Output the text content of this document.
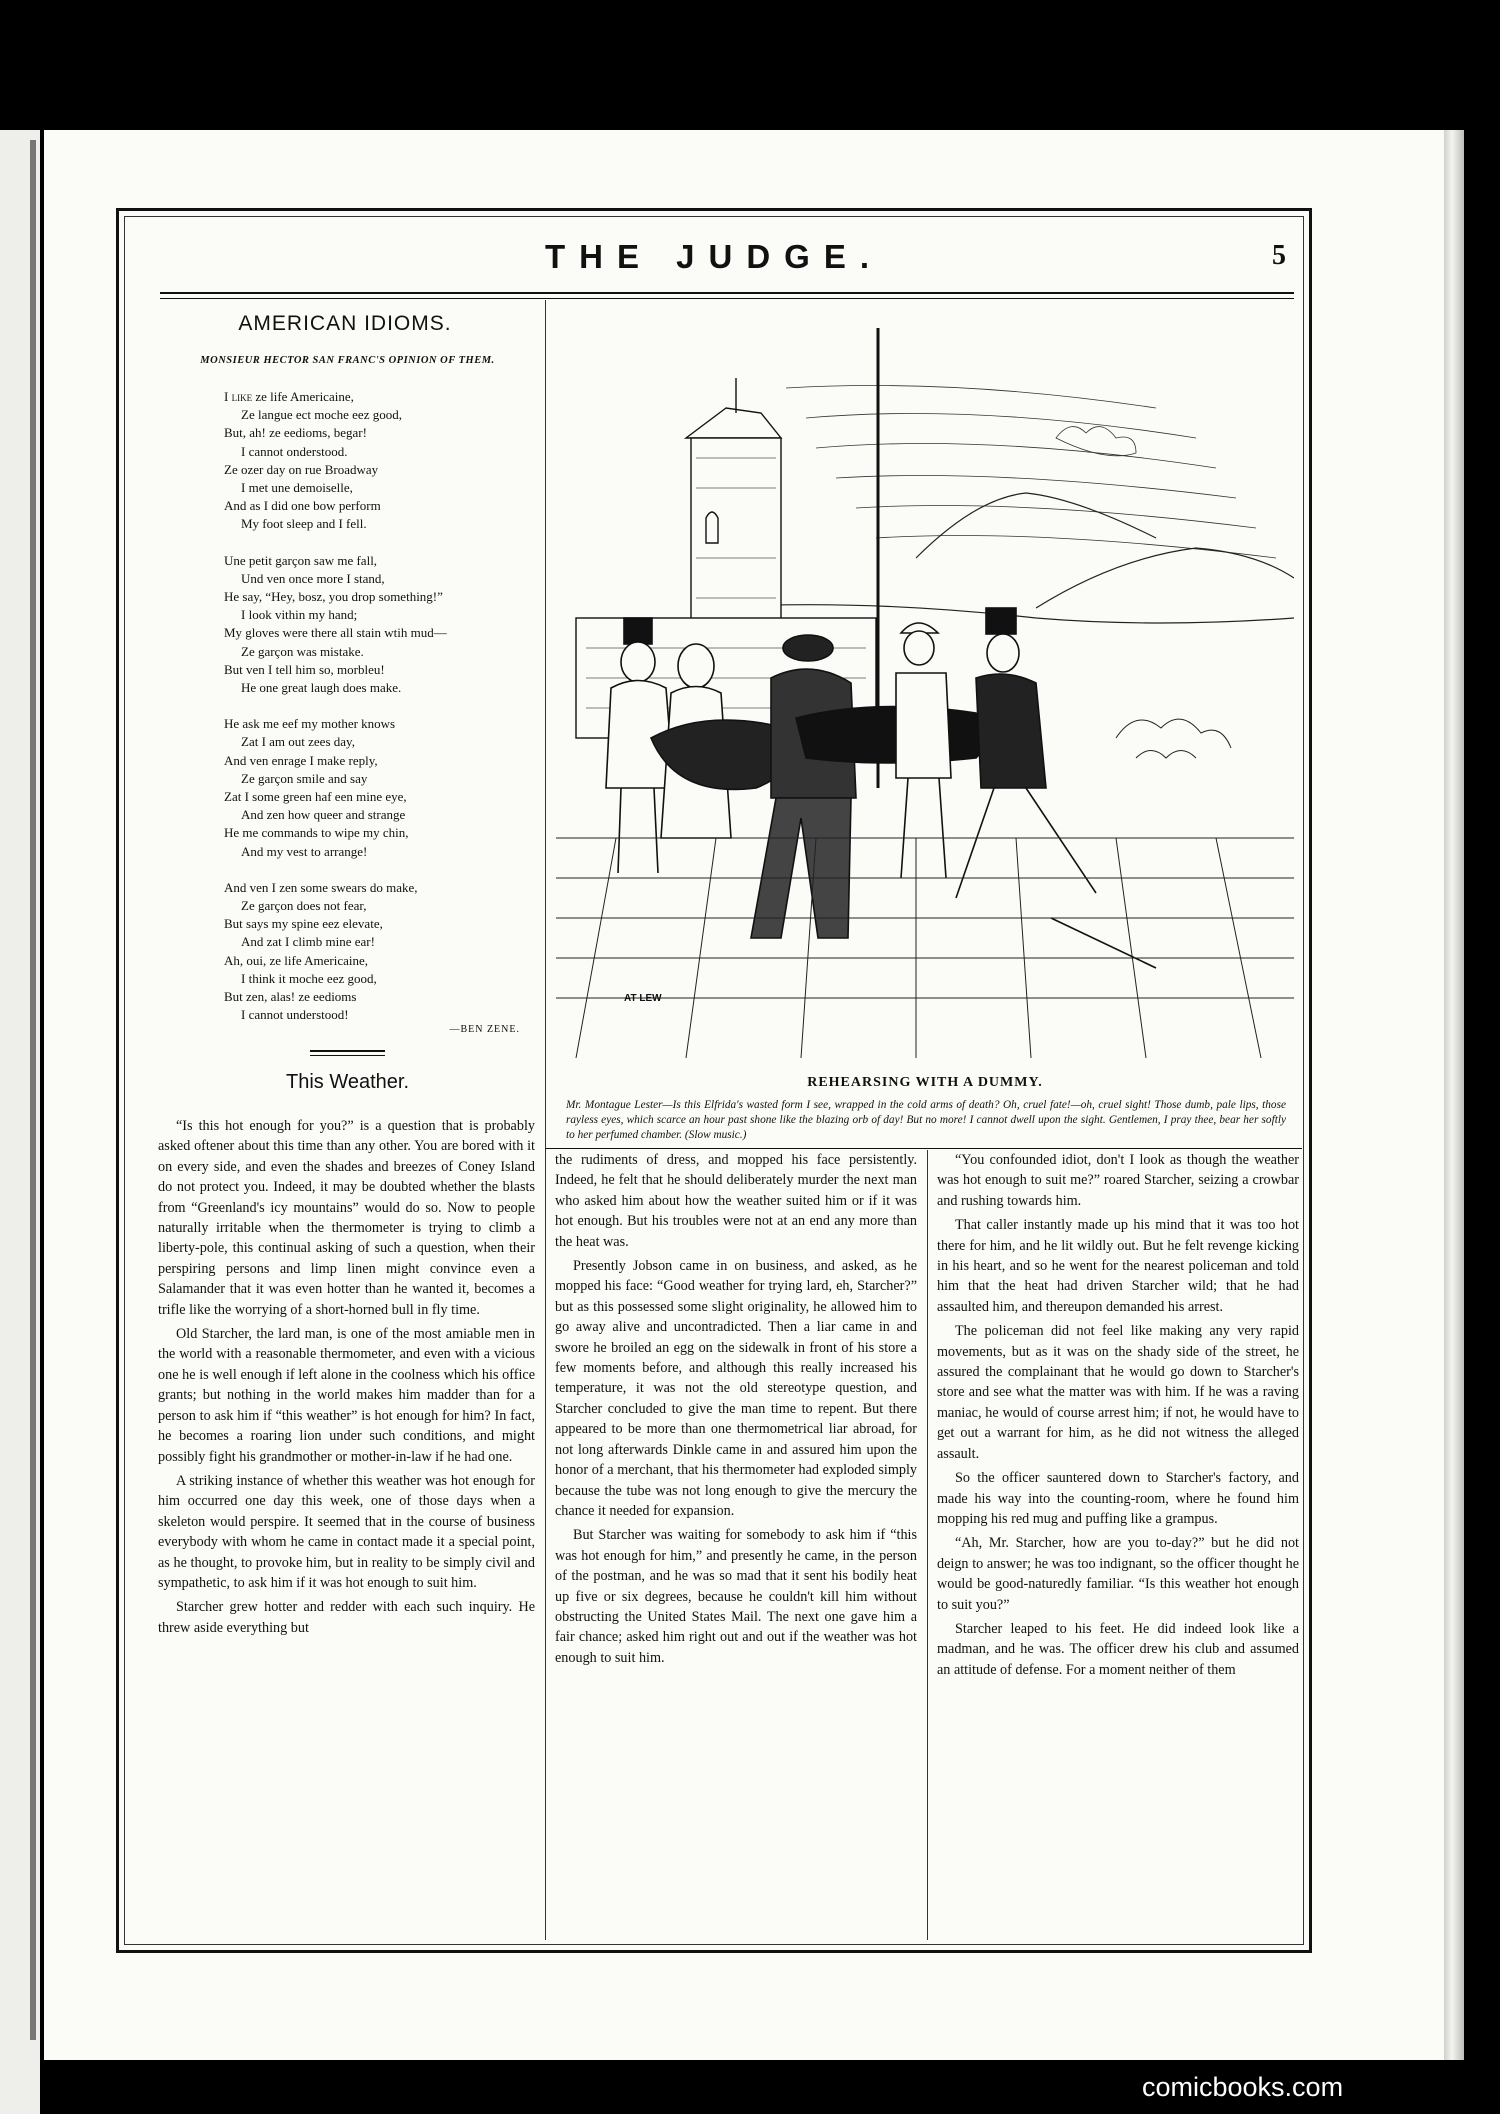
THE JUDGE.	5
AMERICAN IDIOMS.
MONSIEUR HECTOR SAN FRANC'S OPINION OF THEM.
I like ze life Americaine,
Ze langue ect moche eez good,
But, ah! ze eedioms, begar!
I cannot onderstood.
Ze ozer day on rue Broadway
I met une demoiselle,
And as I did one bow perform
My foot sleep and I fell.
Une petit garçon saw me fall,
Und ven once more I stand,
He say, “Hey, bosz, you drop something!”
I look vithin my hand;
My gloves were there all stain wtih mud—
Ze garçon was mistake.
But ven I tell him so, morbleu!
He one great laugh does make.
He ask me eef my mother knows
Zat I am out zees day,
And ven enrage I make reply,
Ze garçon smile and say
Zat I some green haf een mine eye,
And zen how queer and strange
He me commands to wipe my chin,
And my vest to arrange!
And ven I zen some swears do make,
Ze garçon does not fear,
But says my spine eez elevate,
And zat I climb mine ear!
Ah, oui, ze life Americaine,
I think it moche eez good,
But zen, alas! ze eedioms
I cannot understood!
—BEN ZENE.
This Weather.

“Is this hot enough for you?” is a question that is probably asked oftener about this time than any other. You are bored with it on every side, and even the shades and breezes of Coney Island do not protect you. Indeed, it may be doubted whether the blasts from “Greenland's icy mountains” would do so. Now to people naturally irritable when the thermometer is trying to climb a liberty-pole, this continual asking of such a question, when their perspiring persons and limp linen might convince even a Salamander that it was even hotter than he wanted it, becomes a trifle like the worrying of a short-horned bull in fly time.

Old Starcher, the lard man, is one of the most amiable men in the world with a reasonable thermometer, and even with a vicious one he is well enough if left alone in the coolness which his office grants; but nothing in the world makes him madder than for a person to ask him if “this weather” is hot enough for him? In fact, he becomes a roaring lion under such conditions, and might possibly fight his grandmother or mother-in-law if he had one.

A striking instance of whether this weather was hot enough for him occurred one day this week, one of those days when a skeleton would perspire. It seemed that in the course of business everybody with whom he came in contact made it a special point, as he thought, to provoke him, but in reality to be simply civil and sympathetic, to ask him if it was hot enough to suit him.

Starcher grew hotter and redder with each such inquiry. He threw aside everything but

the rudiments of dress, and mopped his face persistently. Indeed, he felt that he should deliberately murder the next man who asked him about how the weather suited him or if it was hot enough. But his troubles were not at an end any more than the heat was.

Presently Jobson came in on business, and asked, as he mopped his face: “Good weather for trying lard, eh, Starcher?” but as this possessed some slight originality, he allowed him to go away alive and uncontradicted. Then a liar came in and swore he broiled an egg on the sidewalk in front of his store a few moments before, and although this really increased his temperature, it was not the old stereotype question, and Starcher concluded to give the man time to repent. But there appeared to be more than one thermometrical liar abroad, for not long afterwards Dinkle came in and assured him upon the honor of a merchant, that his thermometer had exploded simply because the tube was not long enough to give the mercury the chance it needed for expansion.

But Starcher was waiting for somebody to ask him if “this was hot enough for him,” and presently he came, in the person of the postman, and he was so mad that it sent his bodily heat up five or six degrees, because he couldn't kill him without obstructing the United States Mail. The next one gave him a fair chance; asked him right out and out if the weather was hot enough to suit him.

“You confounded idiot, don't I look as though the weather was hot enough to suit me?” roared Starcher, seizing a crowbar and rushing towards him.

That caller instantly made up his mind that it was too hot there for him, and he lit wildly out. But he felt revenge kicking in his heart, and so he went for the nearest policeman and told him that the heat had driven Starcher wild; that he had assaulted him, and thereupon demanded his arrest.

The policeman did not feel like making any very rapid movements, but as it was on the shady side of the street, he assured the complainant that he would go down to Starcher's store and see what the matter was with him. If he was a raving maniac, he would of course arrest him; if not, he would have to get out a warrant for him, as he did not witness the alleged assault.

So the officer sauntered down to Starcher's factory, and made his way into the counting-room, where he found him mopping his red mug and puffing like a grampus.

“Ah, Mr. Starcher, how are you to-day?” but he did not deign to answer; he was too indignant, so the officer thought he would be good-naturedly familiar. “Is this weather hot enough to suit you?”

Starcher leaped to his feet. He did indeed look like a madman, and he was. The officer drew his club and assumed an attitude of defense. For a moment neither of them

AT LEW
REHEARSING WITH A DUMMY.
Mr. Montague Lester—Is this Elfrida's wasted form I see, wrapped in the cold arms of death? Oh, cruel fate!—oh, cruel sight! Those dumb, pale lips, those rayless eyes, which scarce an hour past shone like the blazing orb of day! But no more! I cannot dwell upon the sight. Gentlemen, I pray thee, bear her softly to her perfumed chamber. (Slow music.)
comicbooks.com
